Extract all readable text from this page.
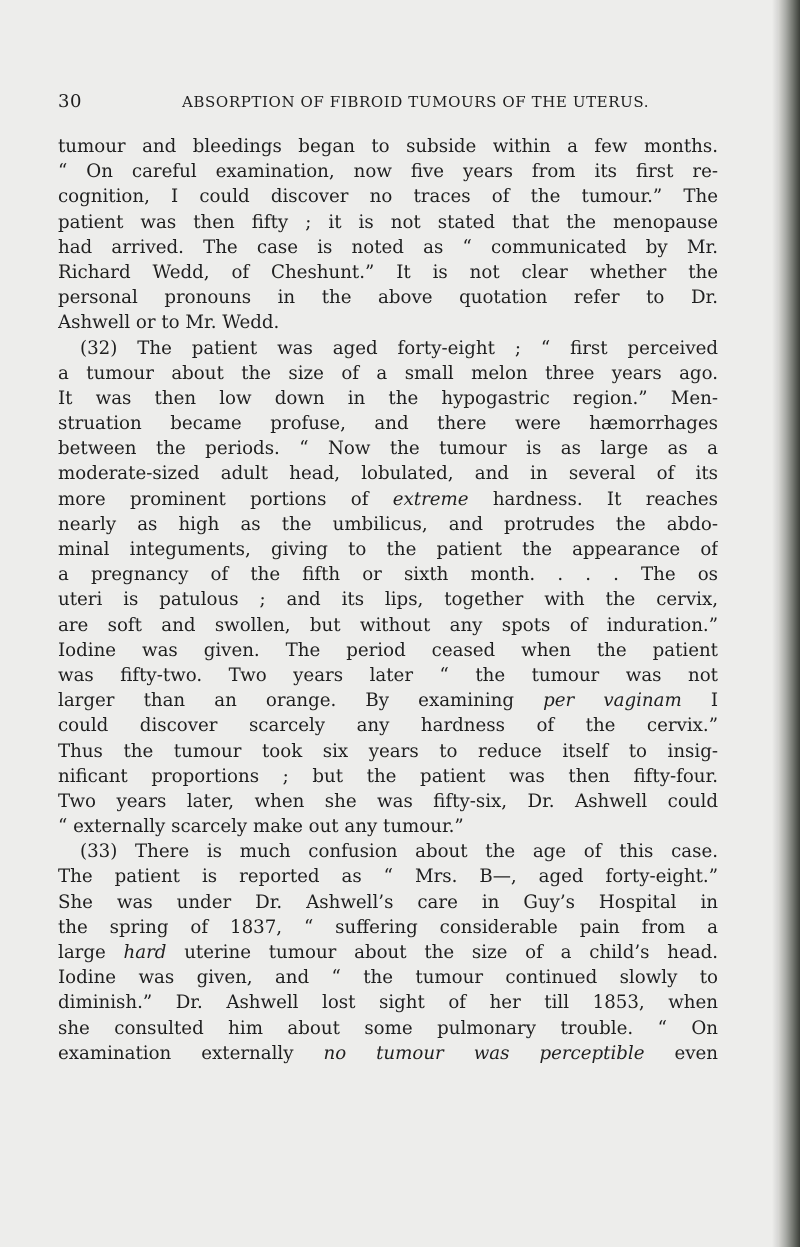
30	ABSORPTION OF FIBROID TUMOURS OF THE UTERUS.
tumour and bleedings began to subside within a few months.
“ On careful examination, now five years from its first re-
cognition, I could discover no traces of the tumour.” The
patient was then fifty ; it is not stated that the menopause
had arrived. The case is noted as “ communicated by Mr.
Richard Wedd, of Cheshunt.” It is not clear whether the
personal pronouns in the above quotation refer to Dr.
Ashwell or to Mr. Wedd.
(32) The patient was aged forty-eight ; “ first perceived
a tumour about the size of a small melon three years ago.
It was then low down in the hypogastric region.” Men-
struation became profuse, and there were hæmorrhages
between the periods. “ Now the tumour is as large as a
moderate-sized adult head, lobulated, and in several of its
more prominent portions of extreme hardness. It reaches
nearly as high as the umbilicus, and protrudes the abdo-
minal integuments, giving to the patient the appearance of
a pregnancy of the fifth or sixth month. . . . The os
uteri is patulous ; and its lips, together with the cervix,
are soft and swollen, but without any spots of induration.”
Iodine was given. The period ceased when the patient
was fifty-two. Two years later “ the tumour was not
larger than an orange. By examining per vaginam I
could discover scarcely any hardness of the cervix.”
Thus the tumour took six years to reduce itself to insig-
nificant proportions ; but the patient was then fifty-four.
Two years later, when she was fifty-six, Dr. Ashwell could
“ externally scarcely make out any tumour.”
(33) There is much confusion about the age of this case.
The patient is reported as “ Mrs. B—, aged forty-eight.”
She was under Dr. Ashwell’s care in Guy’s Hospital in
the spring of 1837, “ suffering considerable pain from a
large hard uterine tumour about the size of a child’s head.
Iodine was given, and “ the tumour continued slowly to
diminish.” Dr. Ashwell lost sight of her till 1853, when
she consulted him about some pulmonary trouble. “ On
examination externally no tumour was perceptible even
